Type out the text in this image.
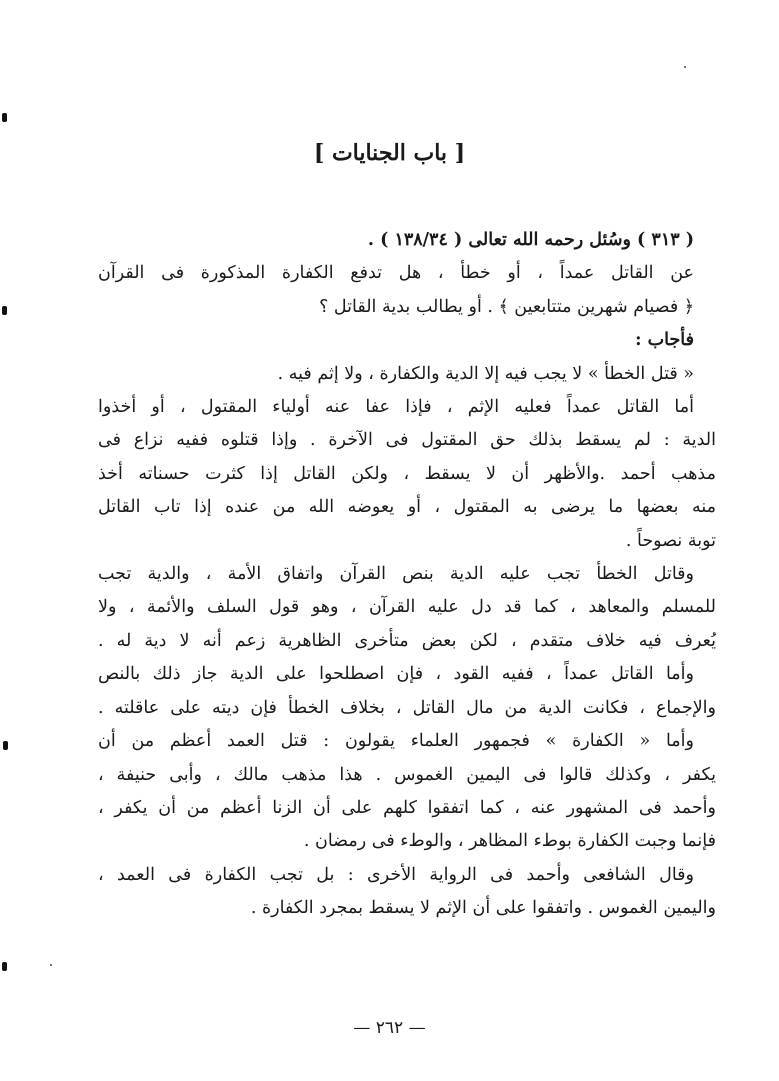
[ باب الجنايات ]
( ٣١٣ ) وسُئل رحمه الله تعالى ( ١٣٨/٣٤ ) .
عن القاتل عمداً ، أو خطأ ، هل تدفع الكفارة المذكورة فى القرآن
﴿ فصيام شهرين متتابعين ﴾ . أو يطالب بدية القاتل ؟
فأجاب :
« قتل الخطأ » لا يجب فيه إلا الدية والكفارة ، ولا إثم فيه .
أما القاتل عمداً فعليه الإثم ، فإذا عفا عنه أولياء المقتول ، أو أخذوا
الدية : لم يسقط بذلك حق المقتول فى الآخرة . وإذا قتلوه ففيه نزاع فى
مذهب أحمد .والأظهر أن لا يسقط ، ولكن القاتل إذا كثرت حسناته أخذ
منه بعضها ما يرضى به المقتول ، أو يعوضه الله من عنده إذا تاب القاتل
توبة نصوحاً .
وقاتل الخطأ تجب عليه الدية بنص القرآن واتفاق الأمة ، والدية تجب
للمسلم والمعاهد ، كما قد دل عليه القرآن ، وهو قول السلف والأئمة ، ولا
يُعرف فيه خلاف متقدم ، لكن بعض متأخرى الظاهرية زعم أنه لا دية له .
وأما القاتل عمداً ، ففيه القود ، فإن اصطلحوا على الدية جاز ذلك بالنص
والإجماع ، فكانت الدية من مال القاتل ، بخلاف الخطأ فإن ديته على عاقلته .
وأما « الكفارة » فجمهور العلماء يقولون : قتل العمد أعظم من أن
يكفر ، وكذلك قالوا فى اليمين الغموس . هذا مذهب مالك ، وأبى حنيفة ،
وأحمد فى المشهور عنه ، كما اتفقوا كلهم على أن الزنا أعظم من أن يكفر ،
فإنما وجبت الكفارة بوطء المظاهر ، والوطء فى رمضان .
وقال الشافعى وأحمد فى الرواية الأخرى : بل تجب الكفارة فى العمد ،
واليمين الغموس . واتفقوا على أن الإثم لا يسقط بمجرد الكفارة .
— ٢٦٢ —
